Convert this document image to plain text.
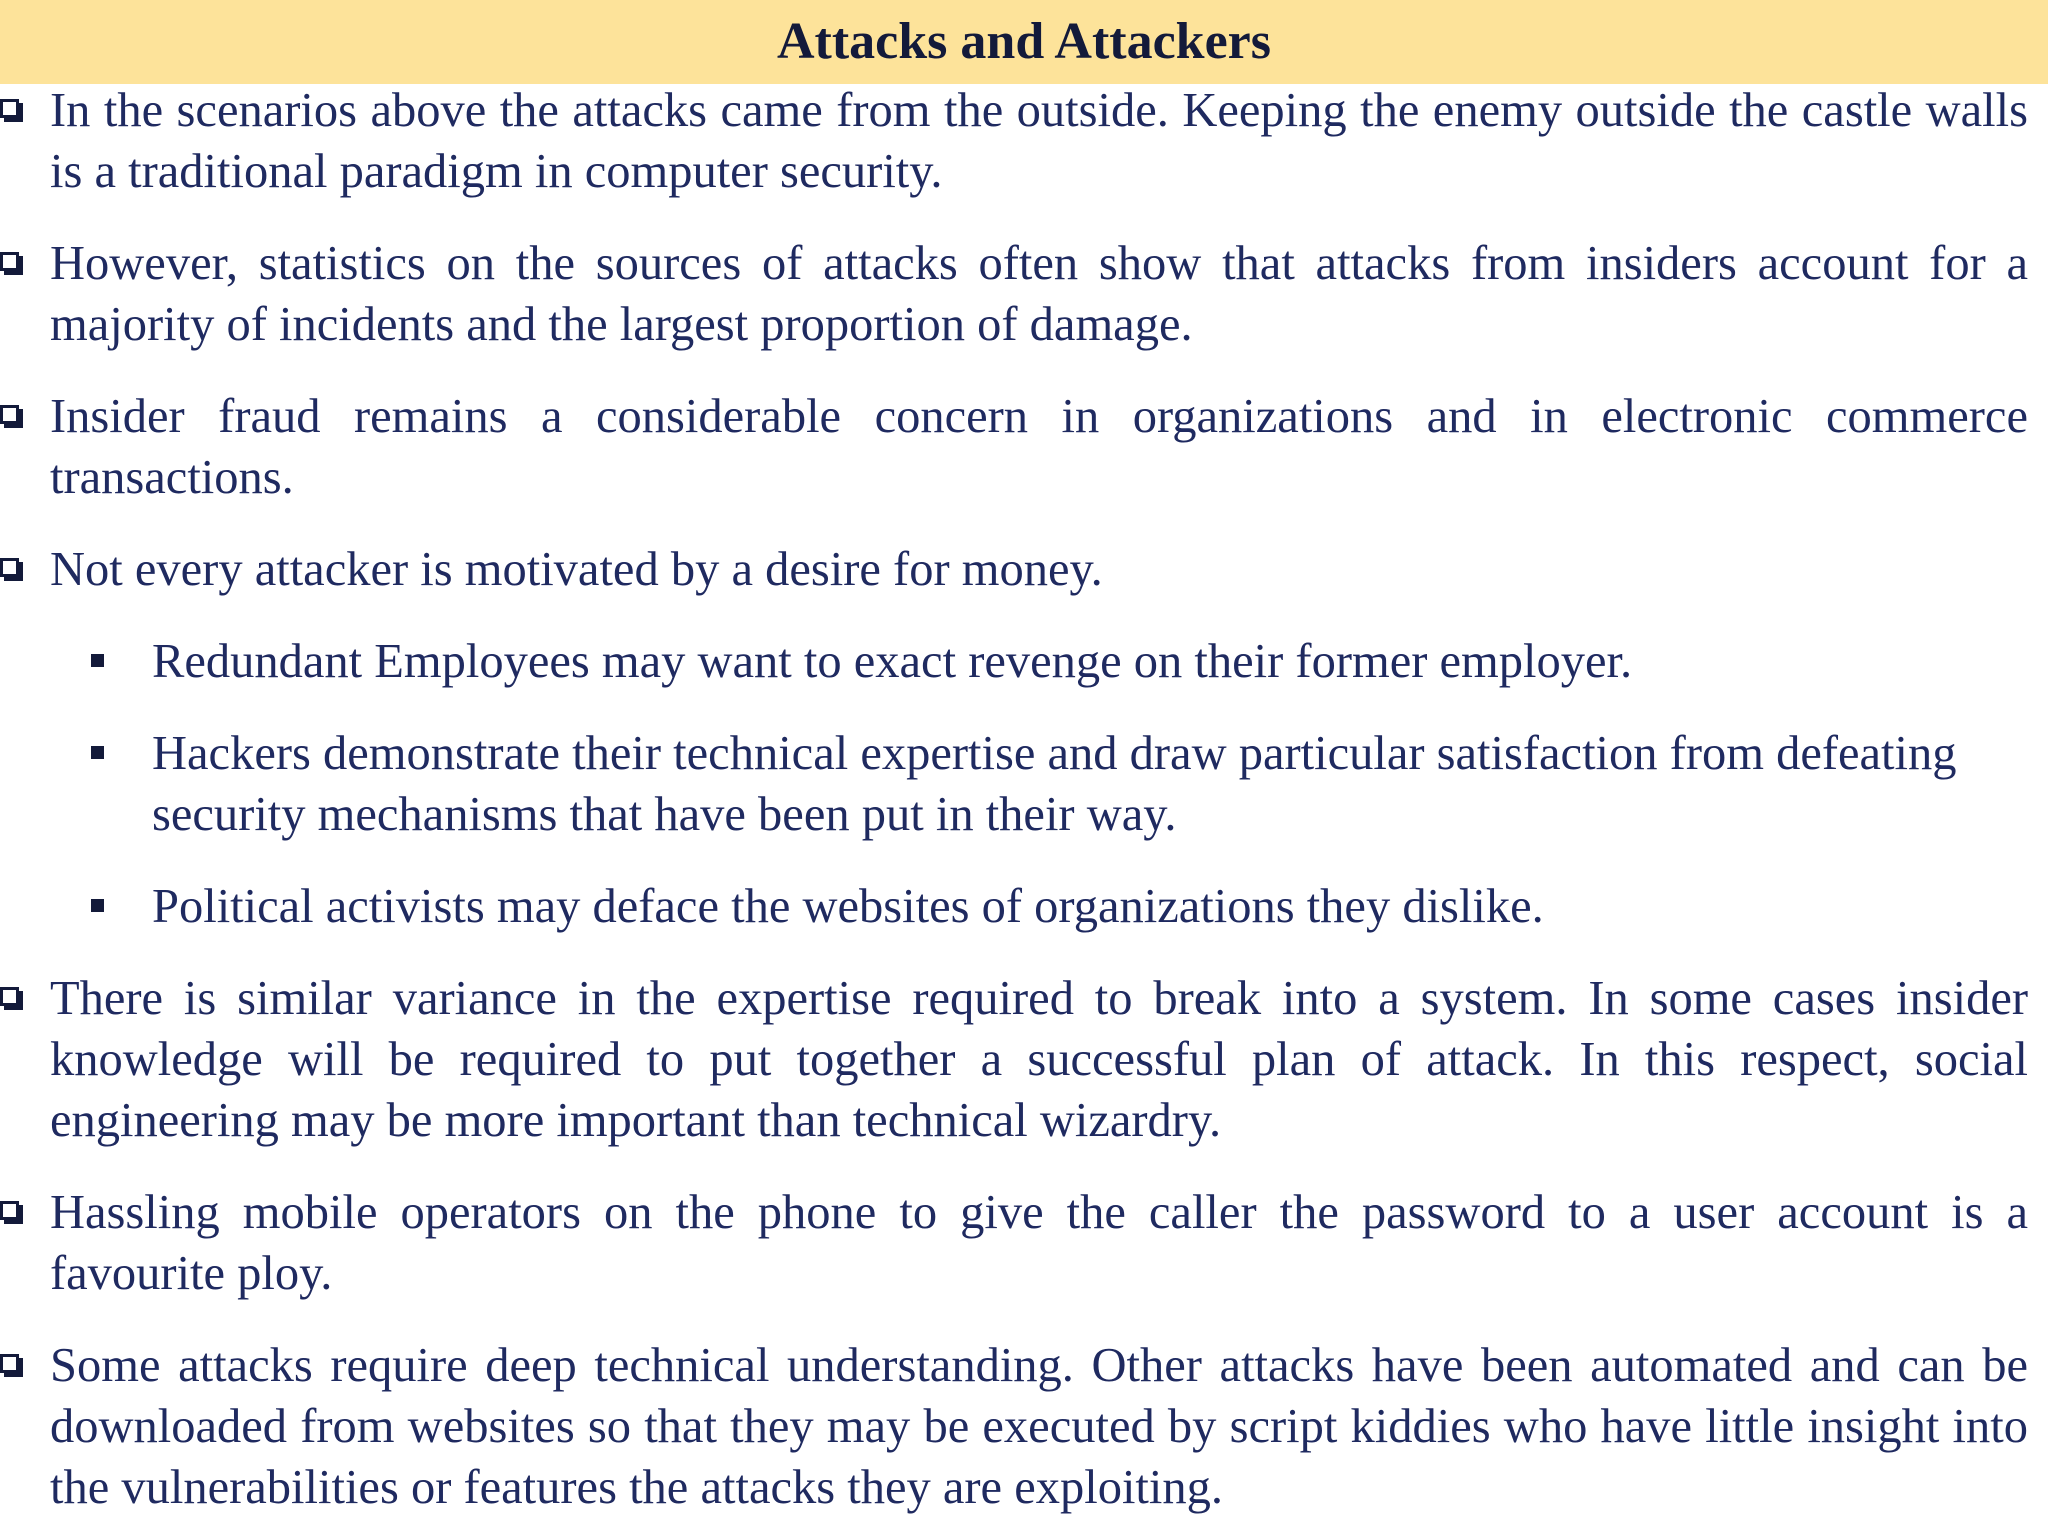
Attacks and Attackers
In the scenarios above the attacks came from the outside. Keeping the enemy outside the castle walls is a traditional paradigm in computer security.
However, statistics on the sources of attacks often show that attacks from insiders account for a majority of incidents and the largest proportion of damage.
Insider fraud remains a considerable concern in organizations and in electronic commerce transactions.
Not every attacker is motivated by a desire for money.
Redundant Employees may want to exact revenge on their former employer.
Hackers demonstrate their technical expertise and draw particular satisfaction from defeating security mechanisms that have been put in their way.
Political activists may deface the websites of organizations they dislike.
There is similar variance in the expertise required to break into a system. In some cases insider knowledge will be required to put together a successful plan of attack. In this respect, social engineering may be more important than technical wizardry.
Hassling mobile operators on the phone to give the caller the password to a user account is a favourite ploy.
Some attacks require deep technical understanding. Other attacks have been automated and can be downloaded from websites so that they may be executed by script kiddies who have little insight into the vulnerabilities or features the attacks they are exploiting.
